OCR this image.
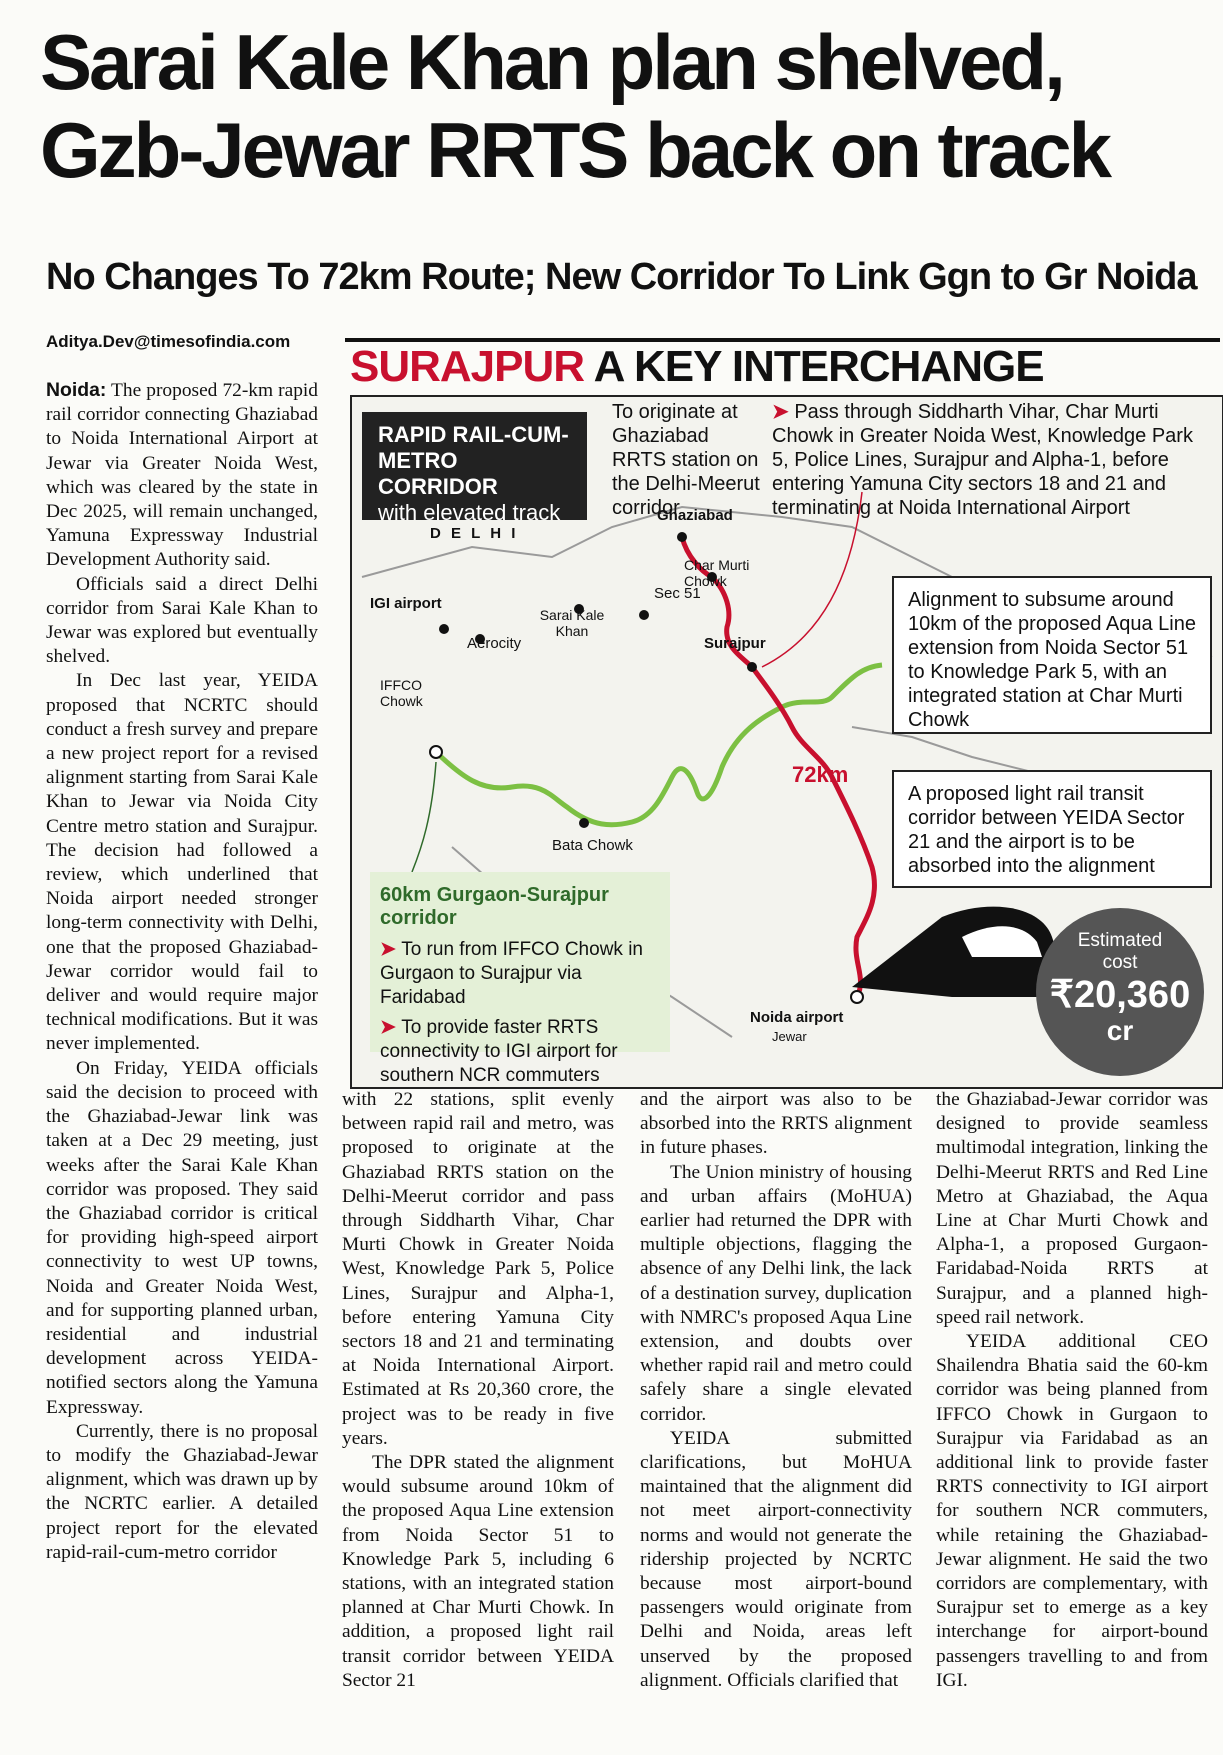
Sarai Kale Khan plan shelved,
Gzb-Jewar RRTS back on track
No Changes To 72km Route; New Corridor To Link Ggn to Gr Noida
Aditya.Dev@timesofindia.com
SURAJPUR A KEY INTERCHANGE
D E L H I
Ghaziabad
Char Murti Chowk
Sec 51
IGI airport
Sarai Kale Khan
Aerocity	Surajpur
IFFCO Chowk
72km
Bata Chowk
Noida airport
Jewar
RAPID RAIL-CUM-METRO CORRIDOR
with elevated track
To originate at Ghaziabad RRTS station on the Delhi-Meerut corridor
➤ Pass through Siddharth Vihar, Char Murti Chowk in Greater Noida West, Knowledge Park 5, Police Lines, Surajpur and Alpha-1, before entering Yamuna City sectors 18 and 21 and terminating at Noida International Airport
Alignment to subsume around 10km of the proposed Aqua Line extension from Noida Sector 51 to Knowledge Park 5, with an integrated station at Char Murti Chowk
A proposed light rail transit corridor between YEIDA Sector 21 and the airport is to be absorbed into the alignment
60km Gurgaon-Surajpur corridor
➤ To run from IFFCO Chowk in Gurgaon to Surajpur via Faridabad
➤ To provide faster RRTS connectivity to IGI airport for southern NCR commuters
Estimated cost
₹20,360
cr

Noida: The proposed 72-km rapid rail corridor connecting Ghaziabad to Noida International Airport at Jewar via Greater Noida West, which was cleared by the state in Dec 2025, will remain unchanged, Yamuna Expressway Industrial Development Authority said.

Officials said a direct Delhi corridor from Sarai Kale Khan to Jewar was explored but eventually shelved.

In Dec last year, YEIDA proposed that NCRTC should conduct a fresh survey and prepare a new project report for a revised alignment starting from Sarai Kale Khan to Jewar via Noida City Centre metro station and Surajpur. The decision had followed a review, which underlined that Noida airport needed stronger long-term connectivity with Delhi, one that the proposed Ghaziabad-Jewar corridor would fail to deliver and would require major technical modifications. But it was never implemented.

On Friday, YEIDA officials said the decision to proceed with the Ghaziabad-Jewar link was taken at a Dec 29 meeting, just weeks after the Sarai Kale Khan corridor was proposed. They said the Ghaziabad corridor is critical for providing high-speed airport connectivity to west UP towns, Noida and Greater Noida West, and for supporting planned urban, residential and industrial development across YEIDA-notified sectors along the Yamuna Expressway.

Currently, there is no proposal to modify the Ghaziabad-Jewar alignment, which was drawn up by the NCRTC earlier. A detailed project report for the elevated rapid-rail-cum-metro corridor

with 22 stations, split evenly between rapid rail and metro, was proposed to originate at the Ghaziabad RRTS station on the Delhi-Meerut corridor and pass through Siddharth Vihar, Char Murti Chowk in Greater Noida West, Knowledge Park 5, Police Lines, Surajpur and Alpha-1, before entering Yamuna City sectors 18 and 21 and terminating at Noida International Airport. Estimated at Rs 20,360 crore, the project was to be ready in five years.

The DPR stated the alignment would subsume around 10km of the proposed Aqua Line extension from Noida Sector 51 to Knowledge Park 5, including 6 stations, with an integrated station planned at Char Murti Chowk. In addition, a proposed light rail transit corridor between YEIDA Sector 21

and the airport was also to be absorbed into the RRTS alignment in future phases.

The Union ministry of housing and urban affairs (MoHUA) earlier had returned the DPR with multiple objections, flagging the absence of any Delhi link, the lack of a destination survey, duplication with NMRC's proposed Aqua Line extension, and doubts over whether rapid rail and metro could safely share a single elevated corridor.

YEIDA submitted clarifications, but MoHUA maintained that the alignment did not meet airport-connectivity norms and would not generate the ridership projected by NCRTC because most airport-bound passengers would originate from Delhi and Noida, areas left unserved by the proposed alignment. Officials clarified that

the Ghaziabad-Jewar corridor was designed to provide seamless multimodal integration, linking the Delhi-Meerut RRTS and Red Line Metro at Ghaziabad, the Aqua Line at Char Murti Chowk and Alpha-1, a proposed Gurgaon-Faridabad-Noida RRTS at Surajpur, and a planned high-speed rail network.

YEIDA additional CEO Shailendra Bhatia said the 60-km corridor was being planned from IFFCO Chowk in Gurgaon to Surajpur via Faridabad as an additional link to provide faster RRTS connectivity to IGI airport for southern NCR commuters, while retaining the Ghaziabad-Jewar alignment. He said the two corridors are complementary, with Surajpur set to emerge as a key interchange for airport-bound passengers travelling to and from IGI.
